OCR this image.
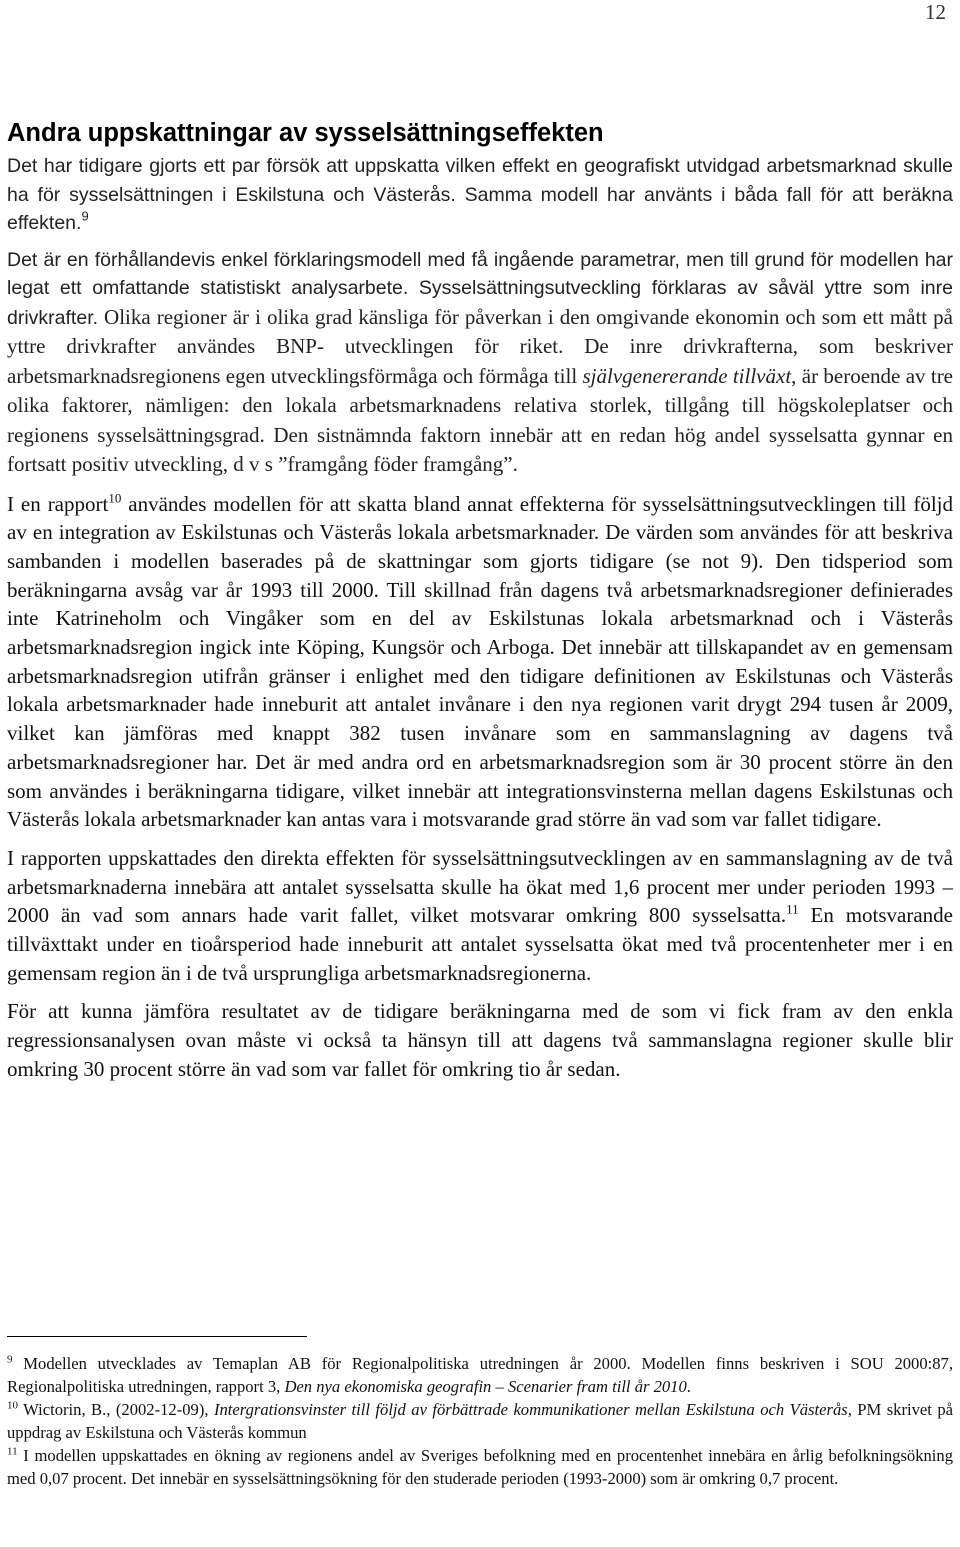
12
Andra uppskattningar av sysselsättningseffekten

Det har tidigare gjorts ett par försök att uppskatta vilken effekt en geografiskt utvidgad arbetsmarknad skulle ha för sysselsättningen i Eskilstuna och Västerås. Samma modell har använts i båda fall för att beräkna effekten.$^9$

Det är en förhållandevis enkel förklaringsmodell med få ingående parametrar, men till grund för modellen har legat ett omfattande statistiskt analysarbete. Sysselsättningsutveckling förklaras av såväl yttre som inre drivkrafter. Olika regioner är i olika grad känsliga för påverkan i den omgivande ekonomin och som ett mått på yttre drivkrafter användes BNP- utvecklingen för riket. De inre drivkrafterna, som beskriver arbetsmarknadsregionens egen utvecklingsförmåga och förmåga till självgenererande tillväxt, är beroende av tre olika faktorer, nämligen: den lokala arbetsmarknadens relativa storlek, tillgång till högskoleplatser och regionens sysselsättningsgrad. Den sistnämnda faktorn innebär att en redan hög andel sysselsatta gynnar en fortsatt positiv utveckling, d v s ”framgång föder framgång”.

I en rapport$^{10}$ användes modellen för att skatta bland annat effekterna för sysselsättningsutvecklingen till följd av en integration av Eskilstunas och Västerås lokala arbetsmarknader. De värden som användes för att beskriva sambanden i modellen baserades på de skattningar som gjorts tidigare (se not 9). Den tidsperiod som beräkningarna avsåg var år 1993 till 2000. Till skillnad från dagens två arbetsmarknadsregioner definierades inte Katrineholm och Vingåker som en del av Eskilstunas lokala arbetsmarknad och i Västerås arbetsmarknadsregion ingick inte Köping, Kungsör och Arboga. Det innebär att tillskapandet av en gemensam arbetsmarknadsregion utifrån gränser i enlighet med den tidigare definitionen av Eskilstunas och Västerås lokala arbetsmarknader hade inneburit att antalet invånare i den nya regionen varit drygt 294 tusen år 2009, vilket kan jämföras med knappt 382 tusen invånare som en sammanslagning av dagens två arbetsmarknadsregioner har. Det är med andra ord en arbetsmarknadsregion som är 30 procent större än den som användes i beräkningarna tidigare, vilket innebär att integrationsvinsterna mellan dagens Eskilstunas och Västerås lokala arbetsmarknader kan antas vara i motsvarande grad större än vad som var fallet tidigare.

I rapporten uppskattades den direkta effekten för sysselsättningsutvecklingen av en sammanslagning av de två arbetsmarknaderna innebära att antalet sysselsatta skulle ha ökat med 1,6 procent mer under perioden 1993 – 2000 än vad som annars hade varit fallet, vilket motsvarar omkring 800 sysselsatta.$^{11}$ En motsvarande tillväxttakt under en tioårsperiod hade inneburit att antalet sysselsatta ökat med två procentenheter mer i en gemensam region än i de två ursprungliga arbetsmarknadsregionerna.

För att kunna jämföra resultatet av de tidigare beräkningarna med de som vi fick fram av den enkla regressionsanalysen ovan måste vi också ta hänsyn till att dagens två sammanslagna regioner skulle blir omkring 30 procent större än vad som var fallet för omkring tio år sedan.

$^9$ Modellen utvecklades av Temaplan AB för Regionalpolitiska utredningen år 2000. Modellen finns beskriven i SOU 2000:87, Regionalpolitiska utredningen, rapport 3, Den nya ekonomiska geografin – Scenarier fram till år 2010.
$^{10}$ Wictorin, B., (2002-12-09), Intergrationsvinster till följd av förbättrade kommunikationer mellan Eskilstuna och Västerås, PM skrivet på uppdrag av Eskilstuna och Västerås kommun
$^{11}$ I modellen uppskattades en ökning av regionens andel av Sveriges befolkning med en procentenhet innebära en årlig befolkningsökning med 0,07 procent. Det innebär en sysselsättningsökning för den studerade perioden (1993-2000) som är omkring 0,7 procent.
